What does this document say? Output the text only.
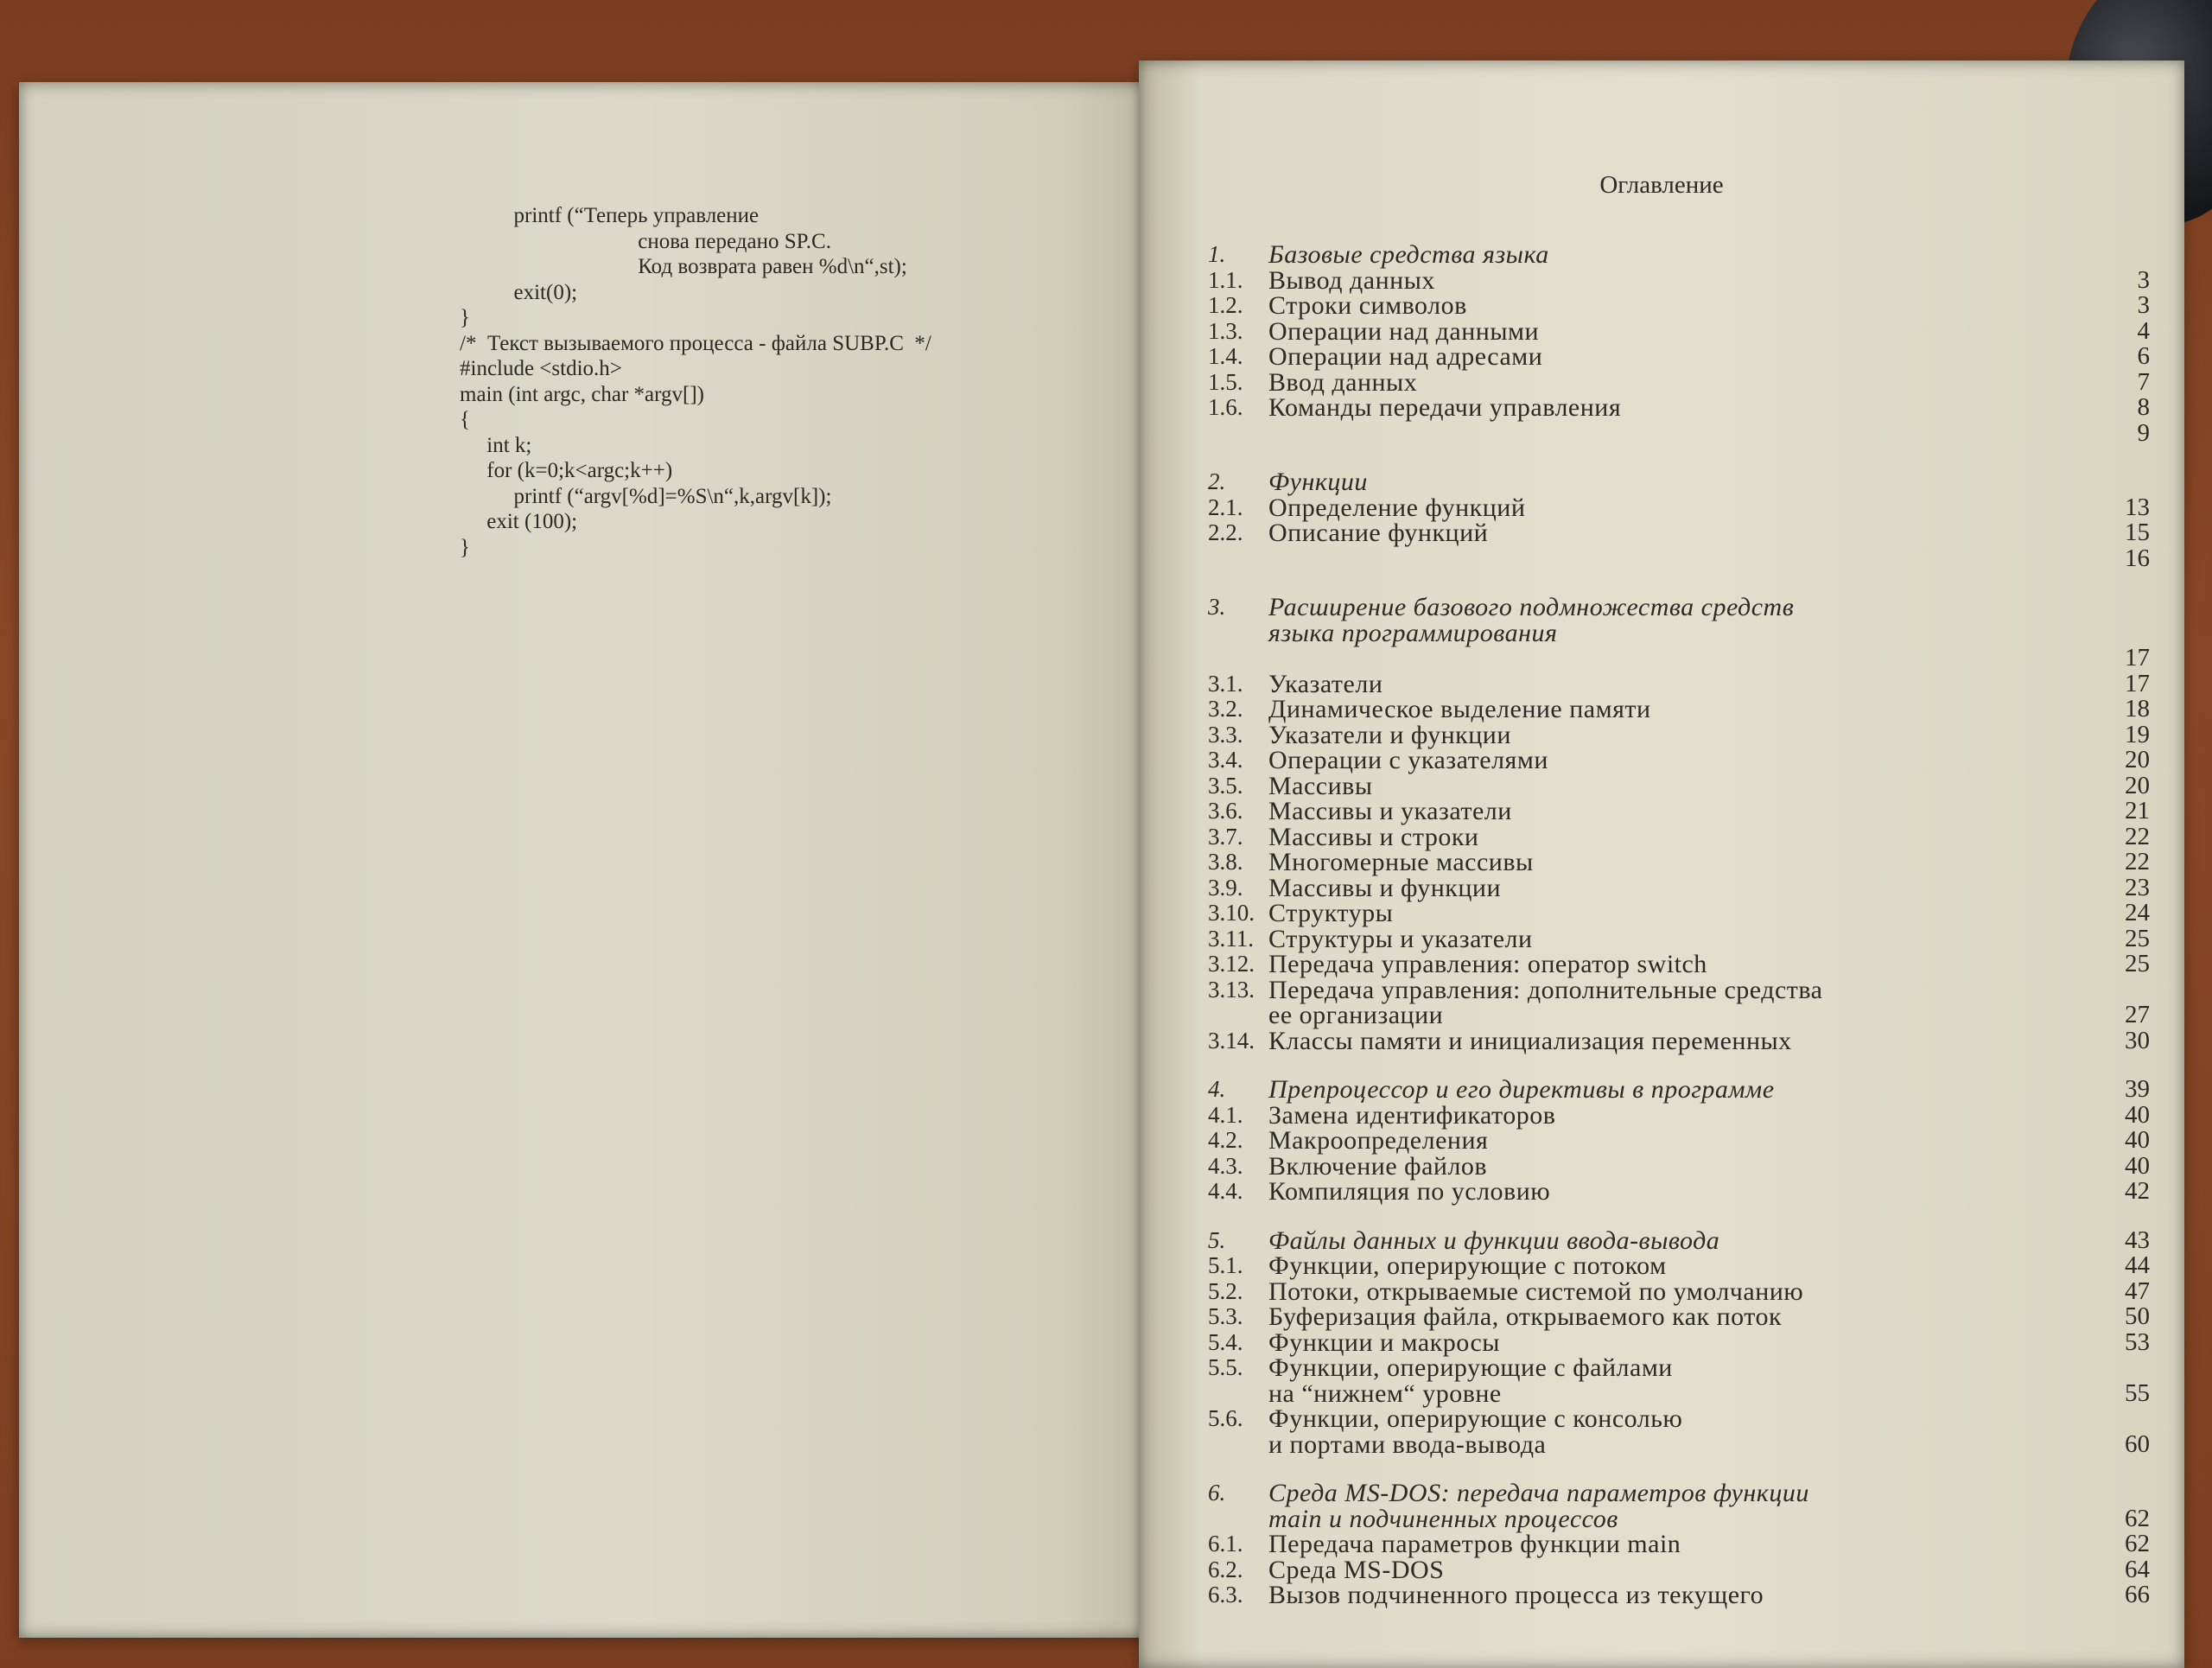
printf (“Теперь управление
снова передано SP.C.
Код возврата равен %d\n“,st);
exit(0);
}
/*  Текст вызываемого процесса - файла SUBP.C  */
#include <stdio.h>
main (int argc, char *argv[])
{
int k;
for (k=0;k<argc;k++)
printf (“argv[%d]=%S\n“,k,argv[k]);
exit (100);
}
Оглавление
1.	Базовые средства языка
1.1. Вывод данных	3
1.2. Строки символов	3
1.3. Операции над данными	4
1.4. Операции над адресами	6
1.5. Ввод данных	7
1.6. Команды передачи управления	8
9
2.	Функции
2.1. Определение функций	13
2.2. Описание функций	15
16
3.	Расширение базового подмножества средств
языка программирования
17
3.1. Указатели	17
3.2. Динамическое выделение памяти	18
3.3. Указатели и функции	19
3.4. Операции с указателями	20
3.5. Массивы	20
3.6. Массивы и указатели	21
3.7. Массивы и строки	22
3.8. Многомерные массивы	22
3.9. Массивы и функции	23
3.10. Структуры	24
3.11. Структуры и указатели	25
3.12. Передача управления: оператор switch	25
3.13. Передача управления: дополнительные средства
ее организации	27
3.14. Классы памяти и инициализация переменных	30
4.	Препроцессор и его директивы в программе	39
4.1. Замена идентификаторов	40
4.2. Макроопределения	40
4.3. Включение файлов	40
4.4. Компиляция по условию	42
5.	Файлы данных и функции ввода-вывода	43
5.1. Функции, оперирующие с потоком	44
5.2. Потоки, открываемые системой по умолчанию	47
5.3. Буферизация файла, открываемого как поток	50
5.4. Функции и макросы	53
5.5. Функции, оперирующие с файлами
на “нижнем“ уровне	55
5.6. Функции, оперирующие с консолью
и портами ввода-вывода	60
6.	Среда MS-DOS: передача параметров функции
main и подчиненных процессов	62
6.1. Передача параметров функции main	62
6.2. Среда MS-DOS	64
6.3. Вызов подчиненного процесса из текущего	66
